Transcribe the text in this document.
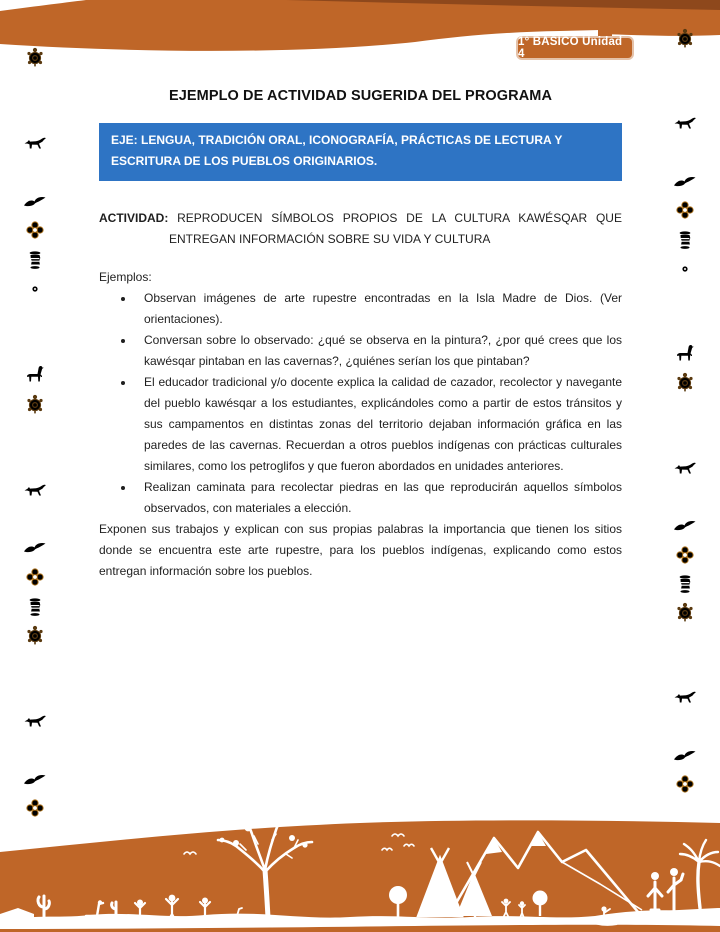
1° BÁSICO Unidad 4
EJEMPLO DE ACTIVIDAD SUGERIDA DEL PROGRAMA
EJE: LENGUA, TRADICIÓN ORAL, ICONOGRAFÍA, PRÁCTICAS DE LECTURA Y ESCRITURA DE LOS PUEBLOS ORIGINARIOS.

ACTIVIDAD: REPRODUCEN SÍMBOLOS PROPIOS DE LA CULTURA KAWÉSQAR QUE ENTREGAN INFORMACIÓN SOBRE SU VIDA Y CULTURA

Ejemplos:

• Observan imágenes de arte rupestre encontradas en la Isla Madre de Dios. (Ver orientaciones).
• Conversan sobre lo observado: ¿qué se observa en la pintura?, ¿por qué crees que los kawésqar pintaban en las cavernas?, ¿quiénes serían los que pintaban?
• El educador tradicional y/o docente explica la calidad de cazador, recolector y navegante del pueblo kawésqar a los estudiantes, explicándoles como a partir de estos tránsitos y sus campamentos en distintas zonas del territorio dejaban información gráfica en las paredes de las cavernas. Recuerdan a otros pueblos indígenas con prácticas culturales similares, como los petroglifos y que fueron abordados en unidades anteriores.
• Realizan caminata para recolectar piedras en las que reproducirán aquellos símbolos observados, con materiales a elección.

Exponen sus trabajos y explican con sus propias palabras la importancia que tienen los sitios donde se encuentra este arte rupestre, para los pueblos indígenas, explicando como estos entregan información sobre los pueblos.
